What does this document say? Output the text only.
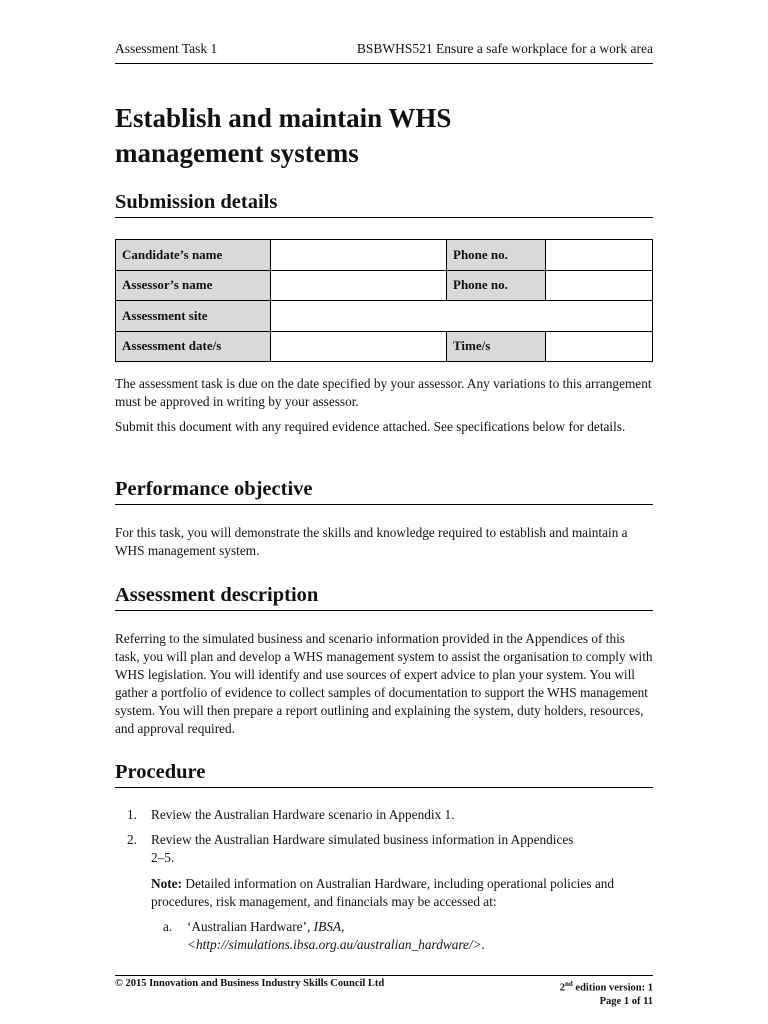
Assessment Task 1	BSBWHS521 Ensure a safe workplace for a work area
Establish and maintain WHS
management systems
Submission details
Candidate’s name		Phone no.	
Assessor’s name		Phone no.	
Assessment site			
Assessment date/s		Time/s	

The assessment task is due on the date specified by your assessor. Any variations to this arrangement must be approved in writing by your assessor.

Submit this document with any required evidence attached. See specifications below for details.

Performance objective

For this task, you will demonstrate the skills and knowledge required to establish and maintain a WHS management system.

Assessment description

Referring to the simulated business and scenario information provided in the Appendices of this task, you will plan and develop a WHS management system to assist the organisation to comply with WHS legislation. You will identify and use sources of expert advice to plan your system. You will gather a portfolio of evidence to collect samples of documentation to support the WHS management system. You will then prepare a report outlining and explaining the system, duty holders, resources, and approval required.

Procedure
1. Review the Australian Hardware scenario in Appendix 1.
2. Review the Australian Hardware simulated business information in Appendices
2–5.
Note: Detailed information on Australian Hardware, including operational policies and procedures, risk management, and financials may be accessed at:
a. ‘Australian Hardware’, IBSA,
<http://simulations.ibsa.org.au/australian_hardware/>.
© 2015 Innovation and Business Industry Skills Council Ltd	2nd edition version: 1
Page 1 of 11
